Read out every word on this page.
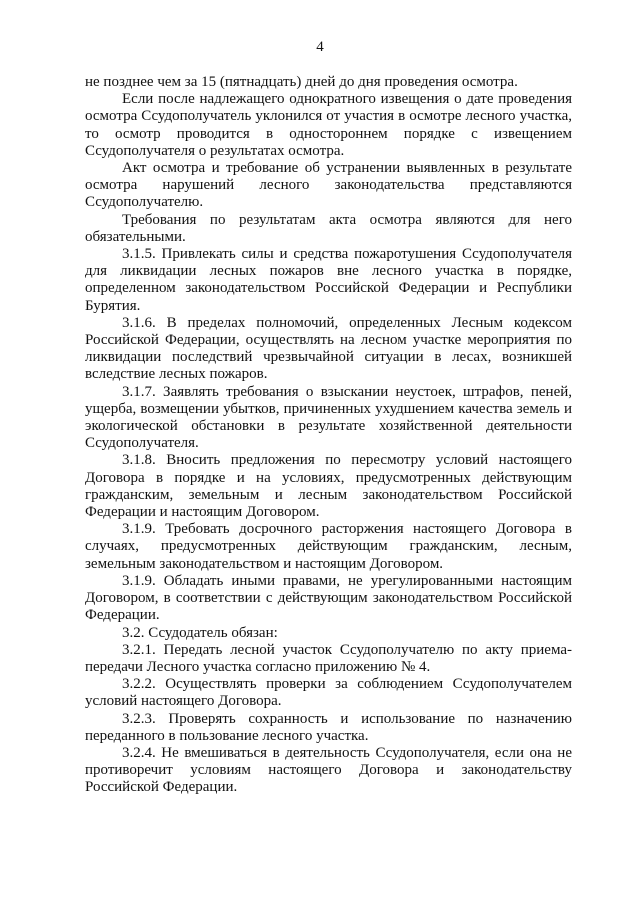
4

не позднее чем за 15 (пятнадцать) дней до дня проведения осмотра.

Если после надлежащего однократного извещения о дате проведения осмотра Ссудополучатель уклонился от участия в осмотре лесного участка, то осмотр проводится в одностороннем порядке с извещением Ссудополучателя о результатах осмотра.

Акт осмотра и требование об устранении выявленных в результате осмотра нарушений лесного законодательства представляются Ссудополучателю.

Требования по результатам акта осмотра являются для него обязательными.

3.1.5. Привлекать силы и средства пожаротушения Ссудополучателя для ликвидации лесных пожаров вне лесного участка в порядке, определенном законодательством Российской Федерации и Республики Бурятия.

3.1.6. В пределах полномочий, определенных Лесным кодексом Российской Федерации, осуществлять на лесном участке мероприятия по ликвидации последствий чрезвычайной ситуации в лесах, возникшей вследствие лесных пожаров.

3.1.7. Заявлять требования о взыскании неустоек, штрафов, пеней, ущерба, возмещении убытков, причиненных ухудшением качества земель и экологической обстановки в результате хозяйственной деятельности Ссудополучателя.

3.1.8. Вносить предложения по пересмотру условий настоящего Договора в порядке и на условиях, предусмотренных действующим гражданским, земельным и лесным законодательством Российской Федерации и настоящим Договором.

3.1.9. Требовать досрочного расторжения настоящего Договора в случаях, предусмотренных действующим гражданским, лесным, земельным законодательством и настоящим Договором.

3.1.9. Обладать иными правами, не урегулированными настоящим Договором, в соответствии с действующим законодательством Российской Федерации.

3.2. Ссудодатель обязан:

3.2.1. Передать лесной участок Ссудополучателю по акту приема-передачи Лесного участка согласно приложению № 4.

3.2.2. Осуществлять проверки за соблюдением Ссудополучателем условий настоящего Договора.

3.2.3. Проверять сохранность и использование по назначению переданного в пользование лесного участка.

3.2.4. Не вмешиваться в деятельность Ссудополучателя, если она не противоречит условиям настоящего Договора и законодательству Российской Федерации.
